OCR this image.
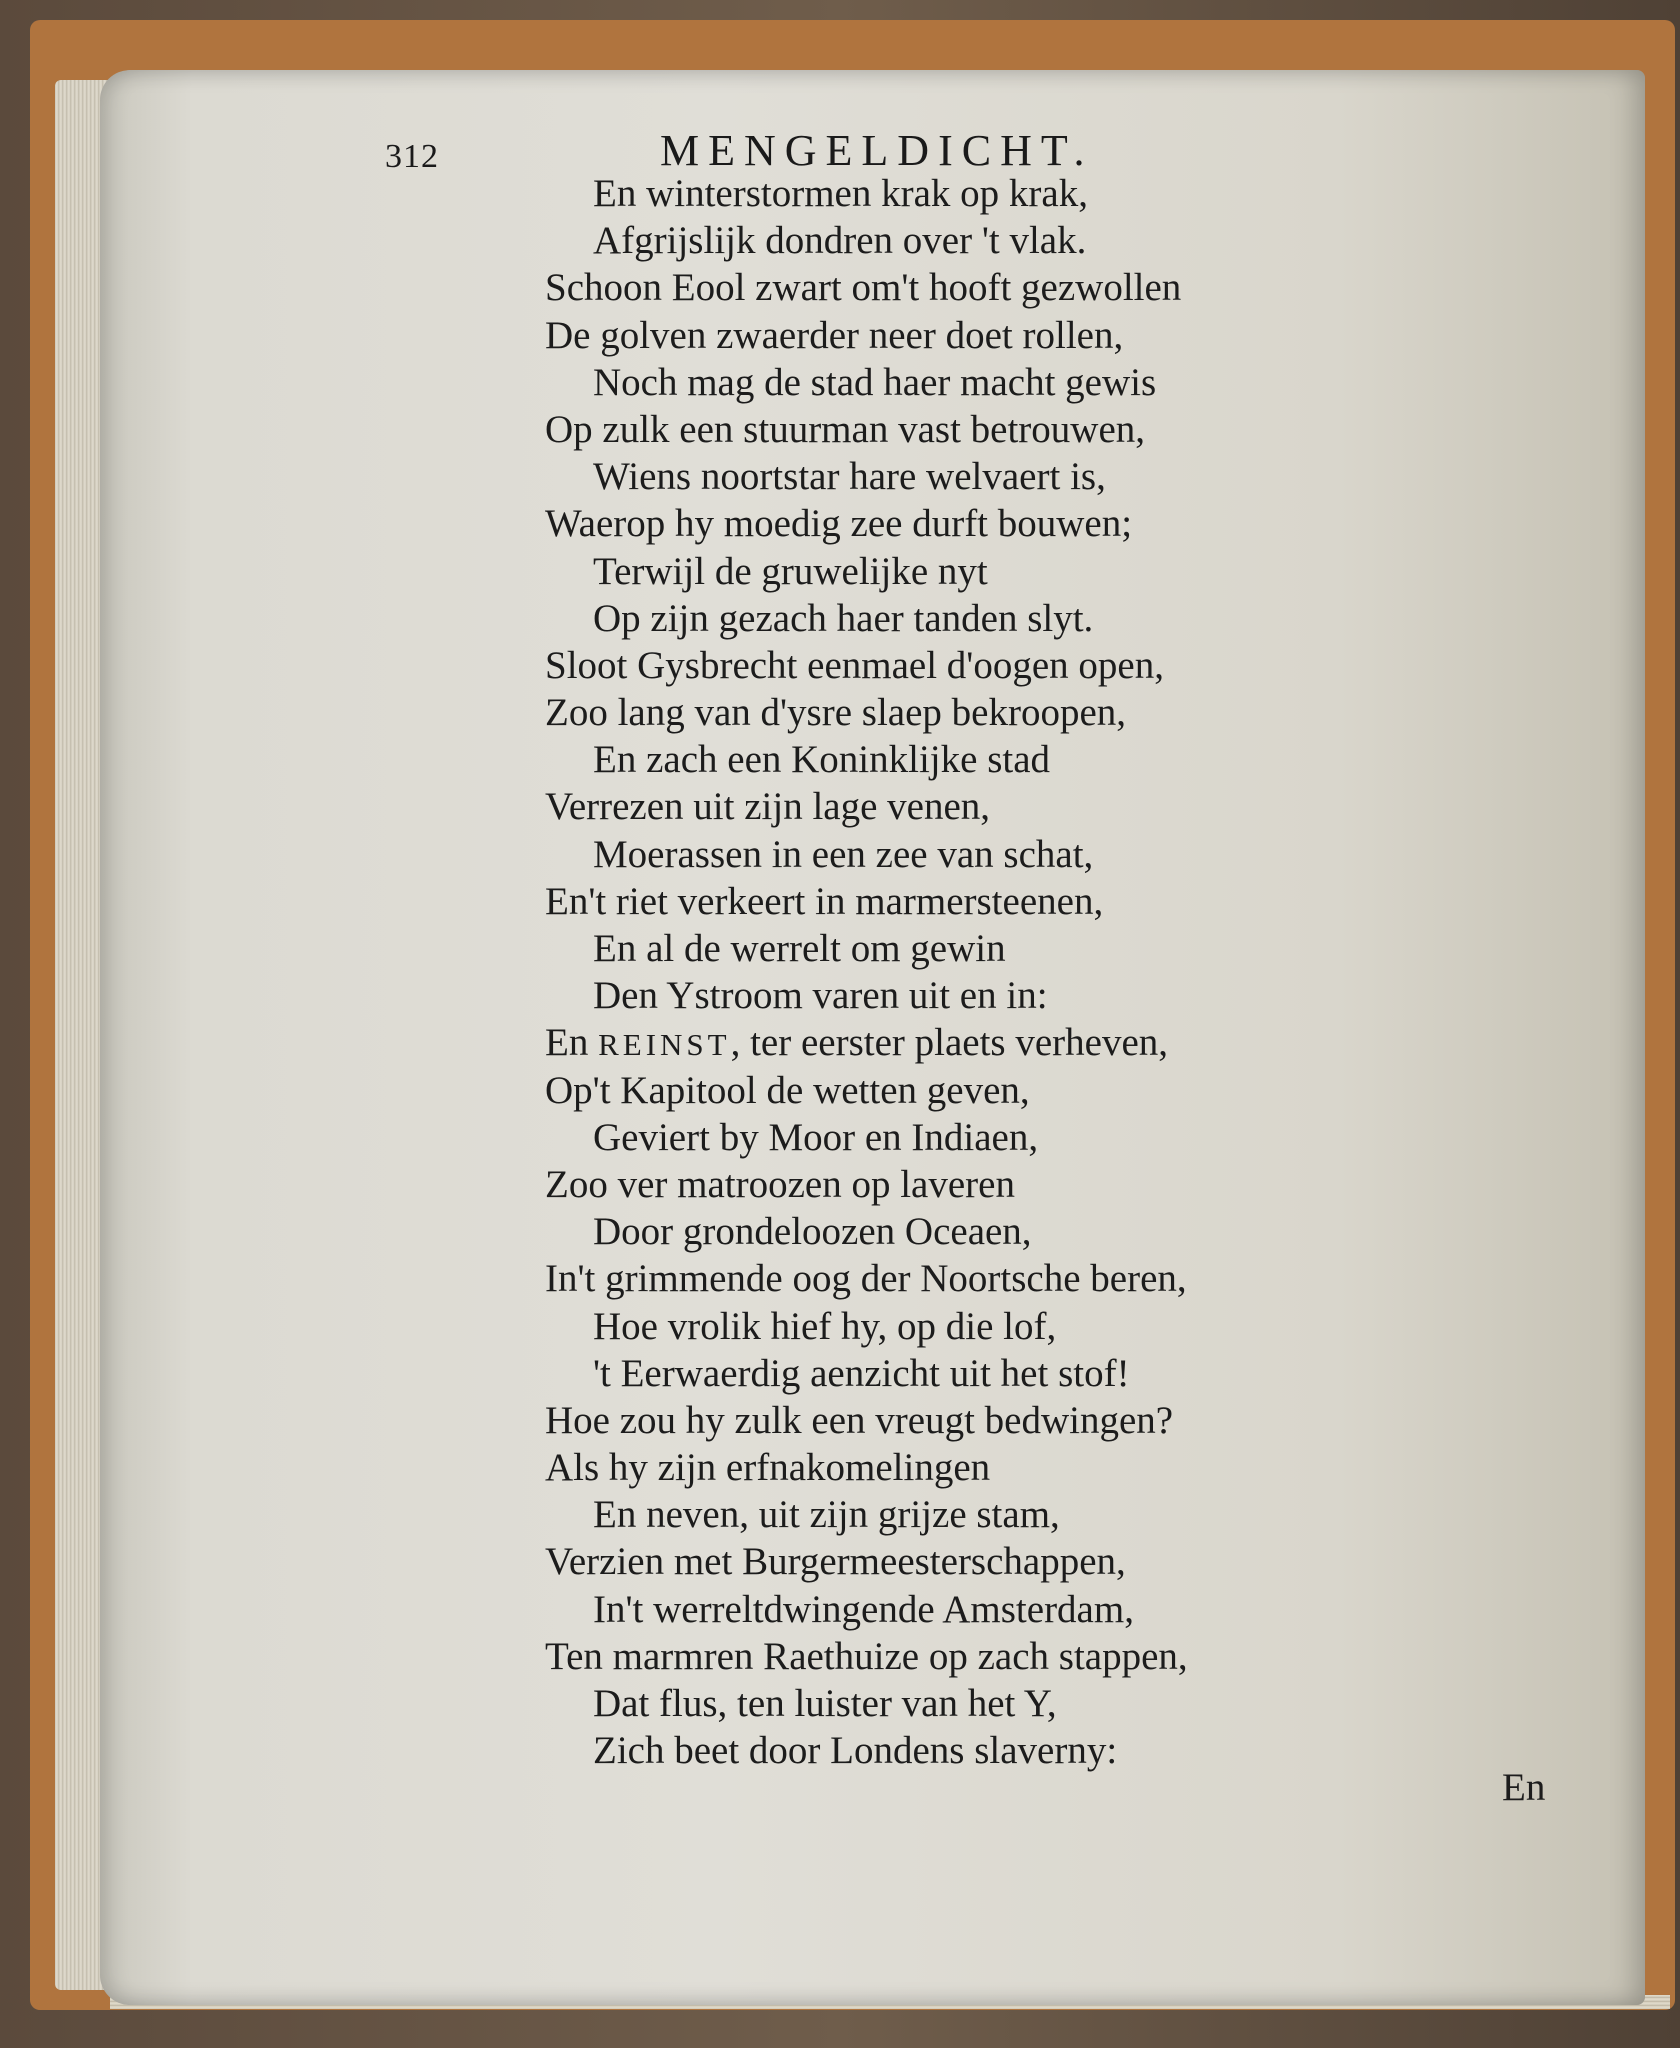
312	MENGELDICHT.
En winterstormen krak op krak,
Afgrijslijk dondren over 't vlak.
Schoon Eool zwart om't hooft gezwollen
De golven zwaerder neer doet rollen,
Noch mag de stad haer macht gewis
Op zulk een stuurman vast betrouwen,
Wiens noortstar hare welvaert is,
Waerop hy moedig zee durft bouwen;
Terwijl de gruwelijke nyt
Op zijn gezach haer tanden slyt.
Sloot Gysbrecht eenmael d'oogen open,
Zoo lang van d'ysre slaep bekroopen,
En zach een Koninklijke stad
Verrezen uit zijn lage venen,
Moerassen in een zee van schat,
En't riet verkeert in marmersteenen,
En al de werrelt om gewin
Den Ystroom varen uit en in:
En REINST, ter eerster plaets verheven,
Op't Kapitool de wetten geven,
Geviert by Moor en Indiaen,
Zoo ver matroozen op laveren
Door grondeloozen Oceaen,
In't grimmende oog der Noortsche beren,
Hoe vrolik hief hy, op die lof,
't Eerwaerdig aenzicht uit het stof!
Hoe zou hy zulk een vreugt bedwingen?
Als hy zijn erfnakomelingen
En neven, uit zijn grijze stam,
Verzien met Burgermeesterschappen,
In't werreltdwingende Amsterdam,
Ten marmren Raethuize op zach stappen,
Dat flus, ten luister van het Y,
Zich beet door Londens slaverny:
En
